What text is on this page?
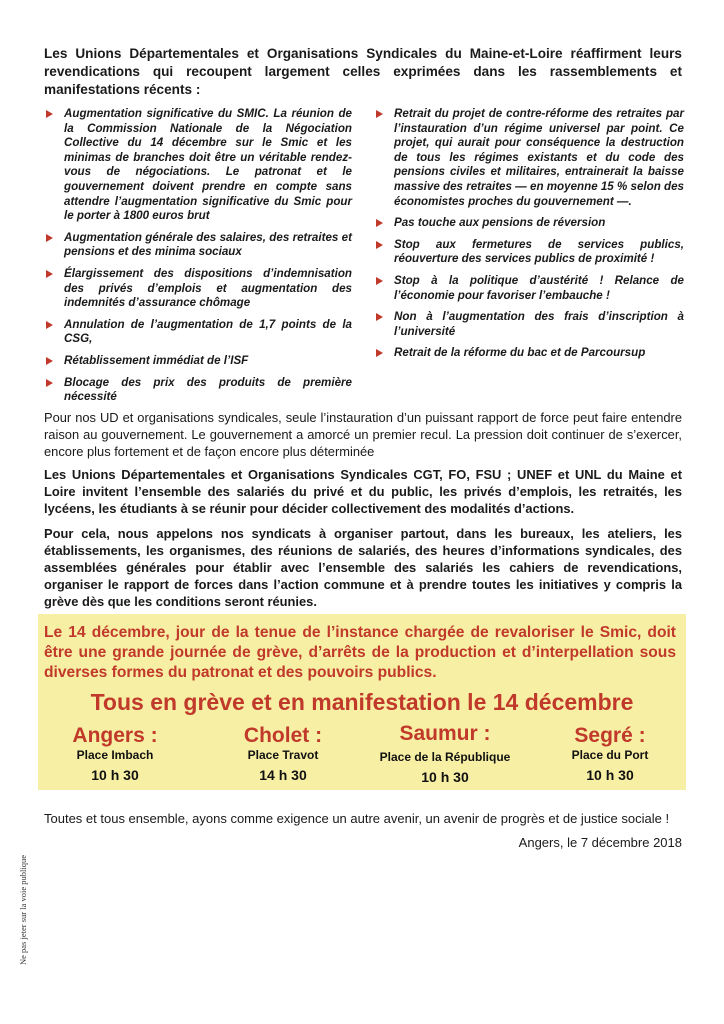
Les Unions Départementales et Organisations Syndicales du Maine-et-Loire réaffirment leurs revendications qui recoupent largement celles exprimées dans les rassemblements et manifestations récents :

Augmentation significative du SMIC. La réunion de la Commission Nationale de la Négociation Collective du 14 décembre sur le Smic et les minimas de branches doit être un véritable rendez-vous de négociations. Le patronat et le gouvernement doivent prendre en compte sans attendre l’augmentation significative du Smic pour le porter à 1800 euros brut
Augmentation générale des salaires, des retraites et pensions et des minima sociaux
Élargissement des dispositions d’indemnisation des privés d’emplois et augmentation des indemnités d’assurance chômage
Annulation de l’augmentation de 1,7 points de la CSG,
Rétablissement immédiat de l’ISF
Blocage des prix des produits de première nécessité
Retrait du projet de contre-réforme des retraites par l’instauration d’un régime universel par point. Ce projet, qui aurait pour conséquence la destruction de tous les régimes existants et du code des pensions civiles et militaires, entrainerait la baisse massive des retraites — en moyenne 15 % selon des économistes proches du gouvernement —.
Pas touche aux pensions de réversion
Stop aux fermetures de services publics, réouverture des services publics de proximité !
Stop à la politique d’austérité ! Relance de l’économie pour favoriser l’embauche !
Non à l’augmentation des frais d’inscription à l’université
Retrait de la réforme du bac et de Parcoursup

Pour nos UD et organisations syndicales, seule l’instauration d’un puissant rapport de force peut faire entendre raison au gouvernement. Le gouvernement a amorcé un premier recul. La pression doit continuer de s’exercer, encore plus fortement et de façon encore plus déterminée

Les Unions Départementales et Organisations Syndicales CGT, FO, FSU ; UNEF et UNL du Maine et Loire invitent l’ensemble des salariés du privé et du public, les privés d’emplois, les retraités, les lycéens, les étudiants à se réunir pour décider collectivement des modalités d’actions.

Pour cela, nous appelons nos syndicats à organiser partout, dans les bureaux, les ateliers, les établissements, les organismes, des réunions de salariés, des heures d’informations syndicales, des assemblées générales pour établir avec l’ensemble des salariés les cahiers de revendications, organiser le rapport de forces dans l’action commune et à prendre toutes les initiatives y compris la grève dès que les conditions seront réunies.

Le 14 décembre, jour de la tenue de l’instance chargée de revaloriser le Smic, doit être une grande journée de grève, d’arrêts de la production et d’interpellation sous diverses formes du patronat et des pouvoirs publics.

Tous en grève et en manifestation le 14 décembre
Angers :
Place Imbach
10 h 30
Cholet :
Place Travot
14 h 30
Saumur :
Place de la République
10 h 30
Segré :
Place du Port
10 h 30
Toutes et tous ensemble, ayons comme exigence un autre avenir, un avenir de progrès et de justice sociale !
Angers, le 7 décembre 2018
Ne pas jeter sur la voie publique
